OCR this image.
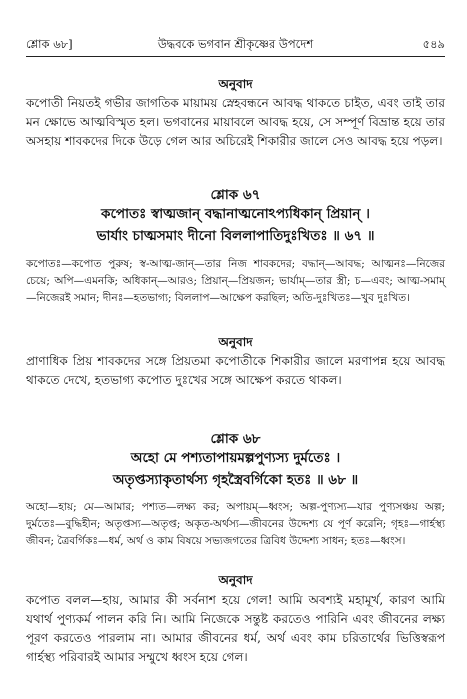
শ্লোক ৬৮]	উদ্ধবকে ভগবান শ্রীকৃষ্ণের উপদেশ	৫৪৯
অনুবাদ
কপোতী নিয়তই গভীর জাগতিক মায়াময় স্নেহবন্ধনে আবদ্ধ থাকতে চাইত, এবং তাই তার মন ক্ষোভে আত্মবিস্মৃত হল। ভগবানের মায়াবলে আবদ্ধ হয়ে, সে সম্পূর্ণ বিভ্রান্ত হয়ে তার অসহায় শাবকদের দিকে উড়ে গেল আর অচিরেই শিকারীর জালে সেও আবদ্ধ হয়ে পড়ল।
শ্লোক ৬৭
কপোতঃ স্বাত্মজান্ বদ্ধানাত্মনোঽপ্যধিকান্ প্রিয়ান্ ।
ভার্যাং চাত্মসমাং দীনো বিললাপাতিদুঃখিতঃ ॥ ৬৭ ॥
কপোতঃ—কপোত পুরুষ; স্ব-আত্ম-জান্—তার নিজ শাবকদের; বদ্ধান্—আবদ্ধ; আত্মনঃ—নিজের চেয়ে; অপি—এমনকি; অধিকান্—আরও; প্রিয়ান্—প্রিয়জন; ভার্যাম্—তার স্ত্রী; চ—এবং; আত্ম-সমাম্—নিজেরই সমান; দীনঃ—হতভাগ্য; বিললাপ—আক্ষেপ করছিল; অতি-দুঃখিতঃ—খুব দুঃখিত।
অনুবাদ
প্রাণাধিক প্রিয় শাবকদের সঙ্গে প্রিয়তমা কপোতীকে শিকারীর জালে মরণাপন্ন হয়ে আবদ্ধ থাকতে দেখে, হতভাগ্য কপোত দুঃখের সঙ্গে আক্ষেপ করতে থাকল।
শ্লোক ৬৮
অহো মে পশ্যতাপায়মল্পপুণ্যস্য দুর্মতেঃ ।
অতৃপ্তস্যাকৃতার্থস্য গৃহস্ত্রৈবর্গিকো হতঃ ॥ ৬৮ ॥
অহো—হায়; মে—আমার; পশ্যত—লক্ষ্য কর; অপায়ম্—ধ্বংস; অল্প-পুণ্যস্য—যার পুণ্যসঞ্চয় অল্প; দুর্মতেঃ—বুদ্ধিহীন; অতৃপ্তস্য—অতৃপ্ত; অকৃত-অর্থস্য—জীবনের উদ্দেশ্য যে পূর্ণ করেনি; গৃহঃ—গার্হস্থ্য জীবন; ত্রৈবর্গিকঃ—ধর্ম, অর্থ ও কাম বিষয়ে সভ্যজগতের ত্রিবিধ উদ্দেশ্য সাধন; হতঃ—ধ্বংস।
অনুবাদ
কপোত বলল—হায়, আমার কী সর্বনাশ হয়ে গেল! আমি অবশ্যই মহামূর্খ, কারণ আমি যথার্থ পুণ্যকর্ম পালন করি নি। আমি নিজেকে সন্তুষ্ট করতেও পারিনি এবং জীবনের লক্ষ্য পূরণ করতেও পারলাম না। আমার জীবনের ধর্ম, অর্থ এবং কাম চরিতার্থের ভিত্তিস্বরূপ গার্হস্থ্য পরিবারই আমার সম্মুখে ধ্বংস হয়ে গেল।
